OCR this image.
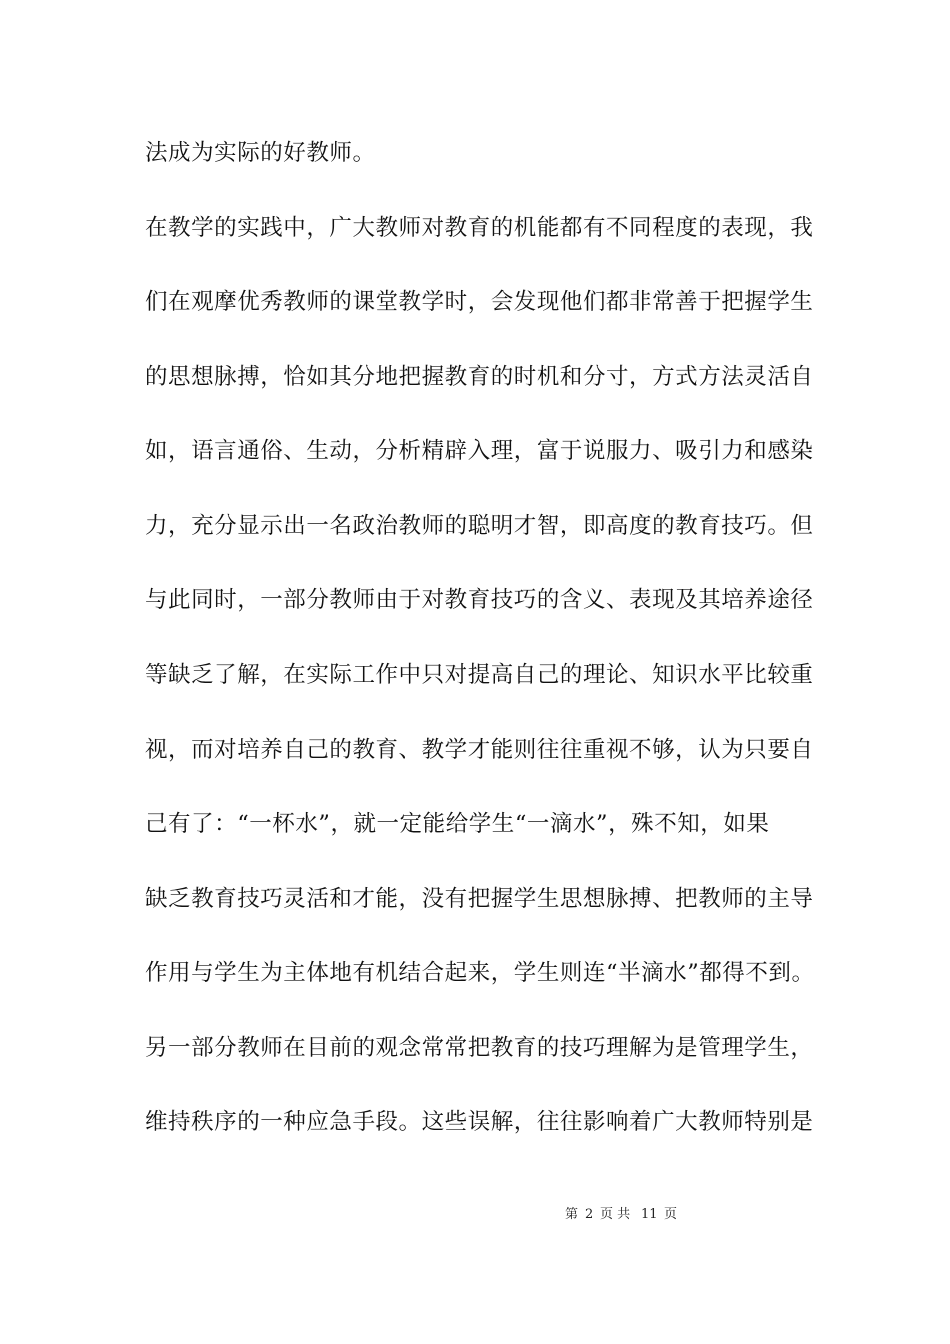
法成为实际的好教师。
在教学的实践中，广大教师对教育的机能都有不同程度的表现，我
们在观摩优秀教师的课堂教学时，会发现他们都非常善于把握学生
的思想脉搏，恰如其分地把握教育的时机和分寸，方式方法灵活自
如，语言通俗、生动，分析精辟入理，富于说服力、吸引力和感染
力，充分显示出一名政治教师的聪明才智，即高度的教育技巧。但
与此同时，一部分教师由于对教育技巧的含义、表现及其培养途径
等缺乏了解，在实际工作中只对提高自己的理论、知识水平比较重
视，而对培养自己的教育、教学才能则往往重视不够，认为只要自
己有了：“一杯水”，就一定能给学生“一滴水”，殊不知，如果
缺乏教育技巧灵活和才能，没有把握学生思想脉搏、把教师的主导
作用与学生为主体地有机结合起来，学生则连“半滴水”都得不到。
另一部分教师在目前的观念常常把教育的技巧理解为是管理学生，
维持秩序的一种应急手段。这些误解，往往影响着广大教师特别是
第 2 页 共 11 页
